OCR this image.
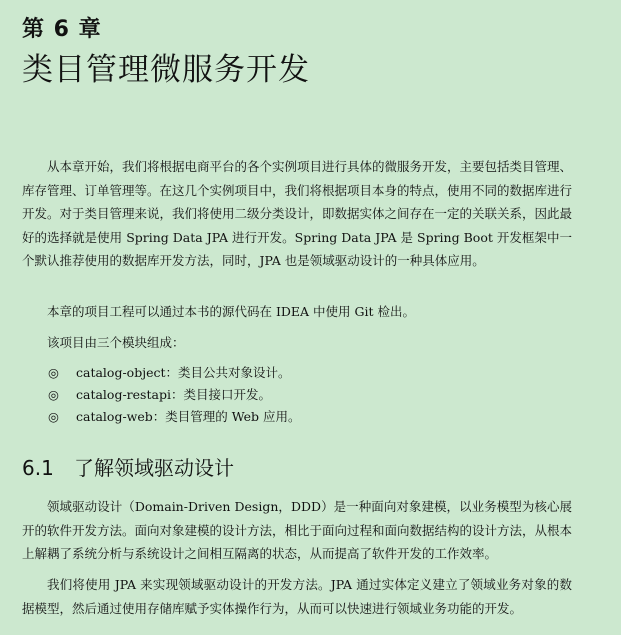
第 6 章
类目管理微服务开发

从本章开始，我们将根据电商平台的各个实例项目进行具体的微服务开发，主要包括类目管理、库存管理、订单管理等。在这几个实例项目中，我们将根据项目本身的特点，使用不同的数据库进行开发。对于类目管理来说，我们将使用二级分类设计，即数据实体之间存在一定的关联关系，因此最好的选择就是使用 Spring Data JPA 进行开发。Spring Data JPA 是 Spring Boot 开发框架中一个默认推荐使用的数据库开发方法，同时，JPA 也是领域驱动设计的一种具体应用。

本章的项目工程可以通过本书的源代码在 IDEA 中使用 Git 检出。

该项目由三个模块组成：

◎ catalog-object：类目公共对象设计。
◎ catalog-restapi：类目接口开发。
◎ catalog-web：类目管理的 Web 应用。
6.1 了解领域驱动设计

领域驱动设计（Domain-Driven Design，DDD）是一种面向对象建模，以业务模型为核心展开的软件开发方法。面向对象建模的设计方法，相比于面向过程和面向数据结构的设计方法，从根本上解耦了系统分析与系统设计之间相互隔离的状态，从而提高了软件开发的工作效率。

我们将使用 JPA 来实现领域驱动设计的开发方法。JPA 通过实体定义建立了领域业务对象的数据模型，然后通过使用存储库赋予实体操作行为，从而可以快速进行领域业务功能的开发。
